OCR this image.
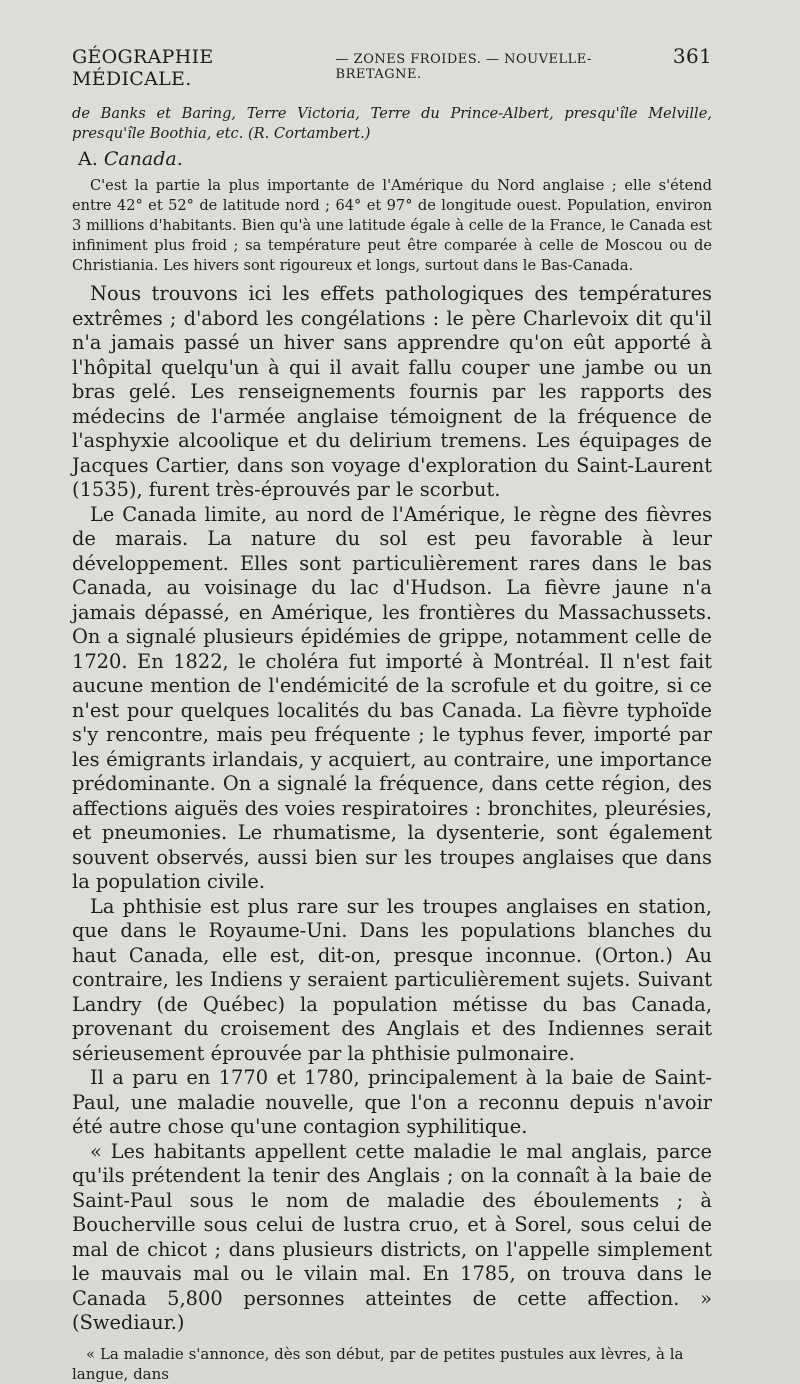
GÉOGRAPHIE MÉDICALE.
— ZONES FROIDES. — NOUVELLE-BRETAGNE.
361

de Banks et Baring, Terre Victoria, Terre du Prince-Albert, presqu'île Melville, presqu'île Boothia, etc. (R. Cortambert.)

A. Canada.

C'est la partie la plus importante de l'Amérique du Nord anglaise ; elle s'étend entre 42° et 52° de latitude nord ; 64° et 97° de longitude ouest. Population, environ 3 millions d'habitants. Bien qu'à une latitude égale à celle de la France, le Canada est infiniment plus froid ; sa température peut être comparée à celle de Moscou ou de Christiania. Les hivers sont rigoureux et longs, surtout dans le Bas-Canada.

Nous trouvons ici les effets pathologiques des températures extrêmes ; d'abord les congélations : le père Charlevoix dit qu'il n'a jamais passé un hiver sans apprendre qu'on eût apporté à l'hôpital quelqu'un à qui il avait fallu couper une jambe ou un bras gelé. Les renseignements fournis par les rapports des médecins de l'armée anglaise témoignent de la fréquence de l'asphyxie alcoolique et du delirium tremens. Les équipages de Jacques Cartier, dans son voyage d'exploration du Saint-Laurent (1535), furent très-éprouvés par le scorbut.

Le Canada limite, au nord de l'Amérique, le règne des fièvres de marais. La nature du sol est peu favorable à leur développement. Elles sont particulièrement rares dans le bas Canada, au voisinage du lac d'Hudson. La fièvre jaune n'a jamais dépassé, en Amérique, les frontières du Massachussets. On a signalé plusieurs épidémies de grippe, notamment celle de 1720. En 1822, le choléra fut importé à Montréal. Il n'est fait aucune mention de l'endémicité de la scrofule et du goitre, si ce n'est pour quelques localités du bas Canada. La fièvre typhoïde s'y rencontre, mais peu fréquente ; le typhus fever, importé par les émigrants irlandais, y acquiert, au contraire, une importance prédominante. On a signalé la fréquence, dans cette région, des affections aiguës des voies respiratoires : bronchites, pleurésies, et pneumonies. Le rhumatisme, la dysenterie, sont également souvent observés, aussi bien sur les troupes anglaises que dans la population civile.

La phthisie est plus rare sur les troupes anglaises en station, que dans le Royaume-Uni. Dans les populations blanches du haut Canada, elle est, dit-on, presque inconnue. (Orton.) Au contraire, les Indiens y seraient particulièrement sujets. Suivant Landry (de Québec) la population métisse du bas Canada, provenant du croisement des Anglais et des Indiennes serait sérieusement éprouvée par la phthisie pulmonaire.

Il a paru en 1770 et 1780, principalement à la baie de Saint-Paul, une maladie nouvelle, que l'on a reconnu depuis n'avoir été autre chose qu'une contagion syphilitique.

« Les habitants appellent cette maladie le mal anglais, parce qu'ils prétendent la tenir des Anglais ; on la connaît à la baie de Saint-Paul sous le nom de maladie des éboulements ; à Boucherville sous celui de lustra cruo, et à Sorel, sous celui de mal de chicot ; dans plusieurs districts, on l'appelle simplement le mauvais mal ou le vilain mal. En 1785, on trouva dans le Canada 5,800 personnes atteintes de cette affection. » (Swediaur.)

« La maladie s'annonce, dès son début, par de petites pustules aux lèvres, à la langue, dans
